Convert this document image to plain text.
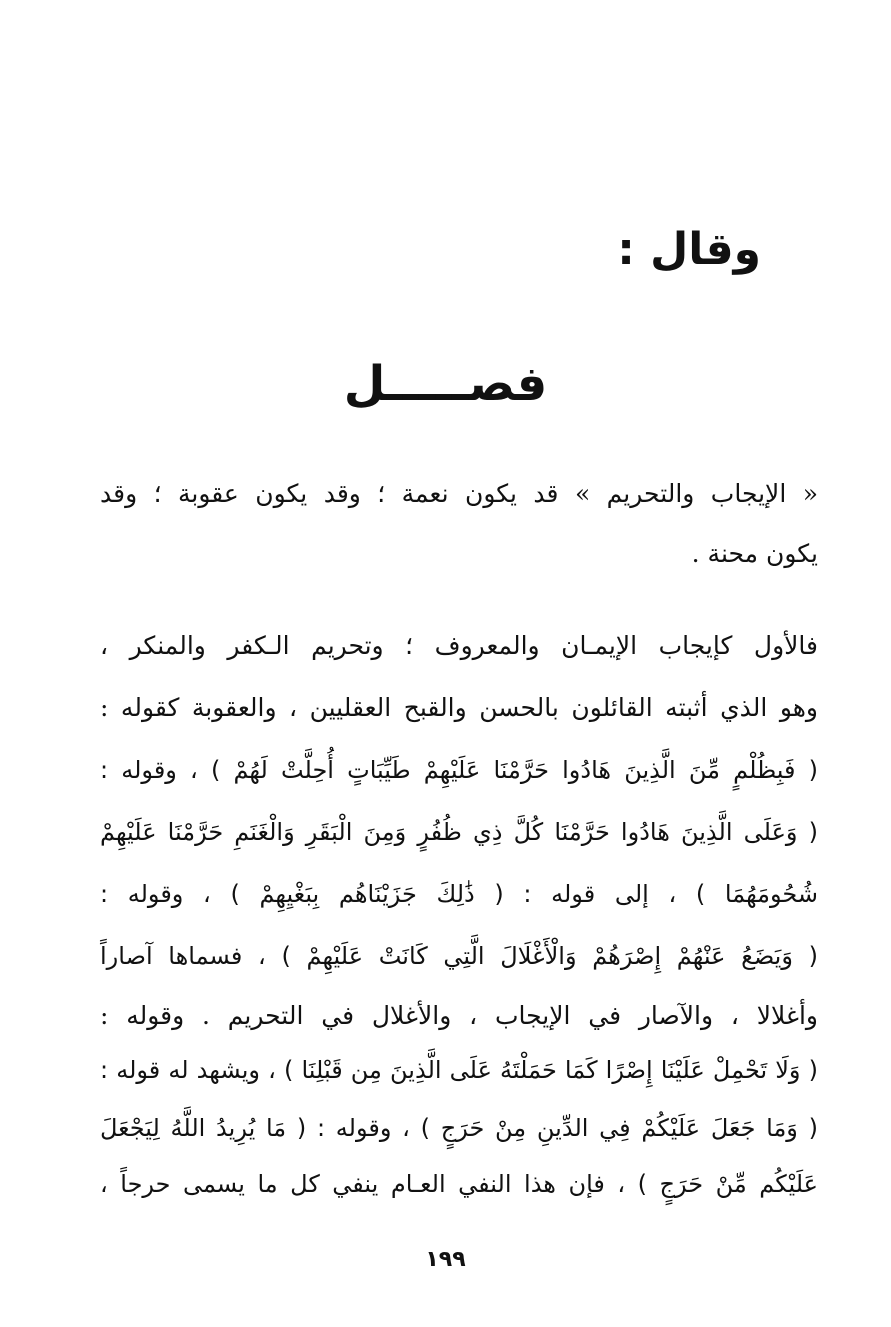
وقال :
فصـــــل
« الإيجاب والتحريم » قد يكون نعمة ؛ وقد يكون عقوبة ؛ وقد
يكون محنة .
فالأول كإيجاب الإيمـان والمعروف ؛ وتحريم الـكفر والمنكر ،
وهو الذي أثبته القائلون بالحسن والقبح العقليين ، والعقوبة كقوله :
( فَبِظُلْمٍ مِّنَ الَّذِينَ هَادُوا حَرَّمْنَا عَلَيْهِمْ طَيِّبَاتٍ أُحِلَّتْ لَهُمْ ) ، وقوله :
( وَعَلَى الَّذِينَ هَادُوا حَرَّمْنَا كُلَّ ذِي ظُفُرٍ وَمِنَ الْبَقَرِ وَالْغَنَمِ حَرَّمْنَا عَلَيْهِمْ
شُحُومَهُمَا ) ، إلى قوله : ( ذَٰلِكَ جَزَيْنَاهُم بِبَغْيِهِمْ ) ، وقوله :
( وَيَضَعُ عَنْهُمْ إِصْرَهُمْ وَالْأَغْلَالَ الَّتِي كَانَتْ عَلَيْهِمْ ) ، فسماها آصاراً
وأغلالا ، والآصار في الإيجاب ، والأغلال في التحريم . وقوله :
( وَلَا تَحْمِلْ عَلَيْنَا إِصْرًا كَمَا حَمَلْتَهُ عَلَى الَّذِينَ مِن قَبْلِنَا ) ، ويشهد له قوله :
( وَمَا جَعَلَ عَلَيْكُمْ فِي الدِّينِ مِنْ حَرَجٍ ) ، وقوله : ( مَا يُرِيدُ اللَّهُ لِيَجْعَلَ
عَلَيْكُم مِّنْ حَرَجٍ ) ، فإن هذا النفي العـام ينفي كل ما يسمى حرجاً ،
١٩٩
